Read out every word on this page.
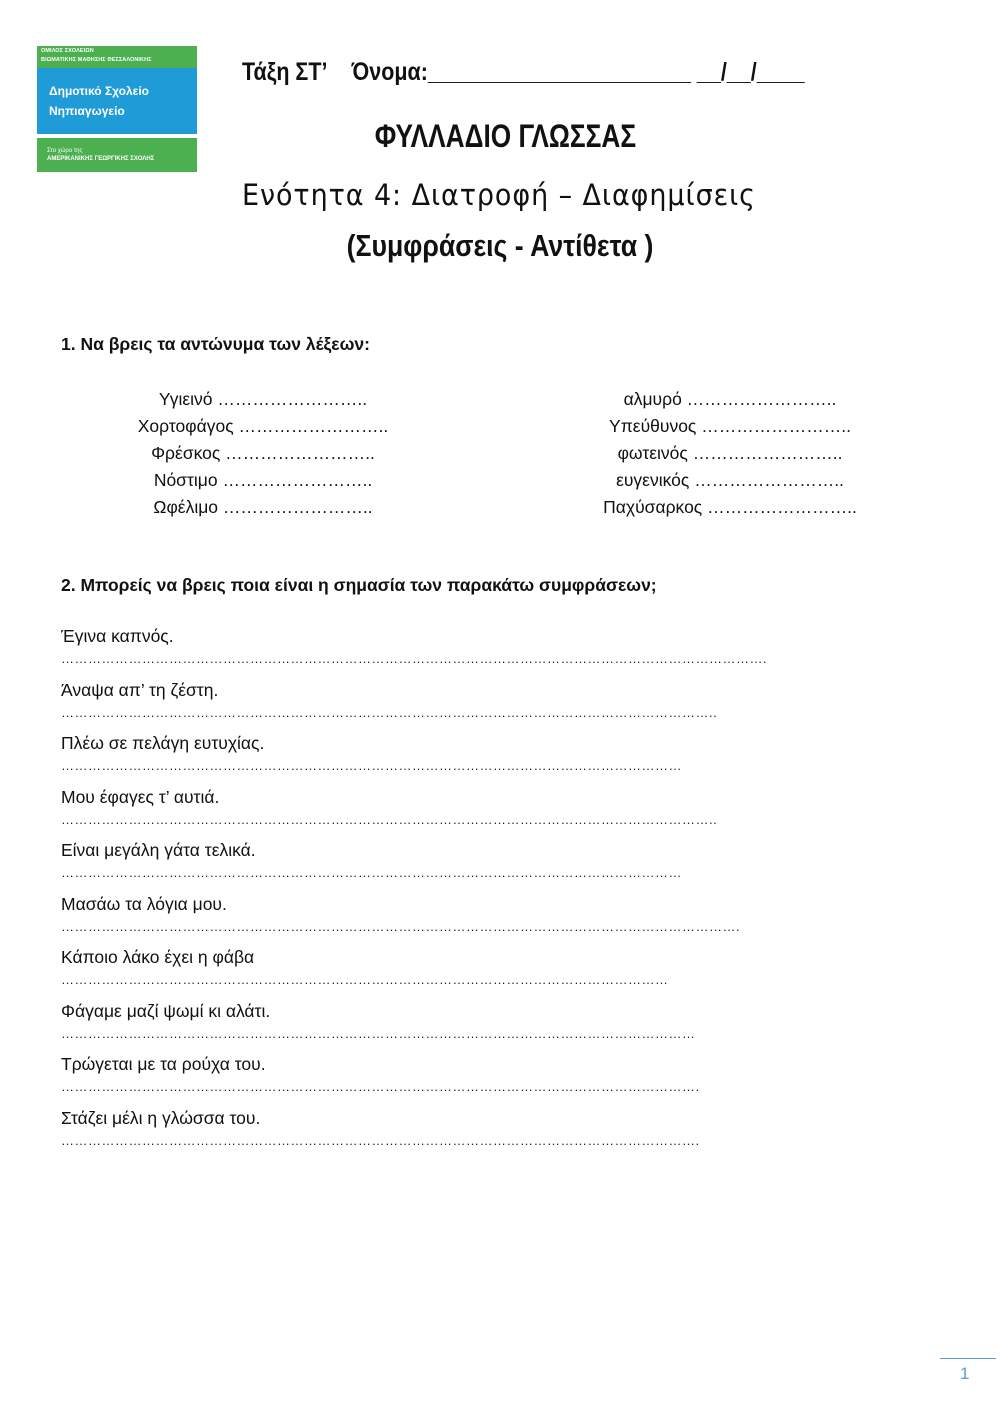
ΟΜΙΛΟΣ ΣΧΟΛΕΙΩΝ
ΒΙΩΜΑΤΙΚΗΣ ΜΑΘΗΣΗΣ ΘΕΣΣΑΛΟΝΙΚΗΣ
Δημοτικό Σχολείο
Νηπιαγωγείο
Στο χώρο της
ΑΜΕΡΙΚΑΝΙΚΗΣ ΓΕΩΡΓΙΚΗΣ ΣΧΟΛΗΣ
Τάξη ΣΤ’ Όνομα:______________________ __/__/____
ΦΥΛΛΑΔΙΟ ΓΛΩΣΣΑΣ
Ενότητα 4: Διατροφή – Διαφημίσεις
(Συμφράσεις - Αντίθετα )
1. Να βρεις τα αντώνυμα των λέξεων:
Υγιεινό ……………………..
Χορτοφάγος ……………………..
Φρέσκος ……………………..
Νόστιμο ……………………..
Ωφέλιμο ……………………..
αλμυρό ……………………..
Υπεύθυνος ……………………..
φωτεινός ……………………..
ευγενικός ……………………..
Παχύσαρκος ……………………..
2. Μπορείς να βρεις ποια είναι η σημασία των παρακάτω συμφράσεων;
Έγινα καπνός.
………………………………………………………………………………………………………………………………………….
Άναψα απ’ τη ζέστη.
………………………………………………………………………………………………………………………………..
Πλέω σε πελάγη ευτυχίας.
…………………………………………………………………………………………………………………………
Μου έφαγες τ’ αυτιά.
………………………………………………………………………………………………………………………………..
Είναι μεγάλη γάτα τελικά.
…………………………………………………………………………………………………………………………
Μασάω τα λόγια μου.
…………………………………………………………………………………………………………………………………….
Κάποιο λάκο έχει η φάβα
………………………………………………………………………………………………………………………
Φάγαμε μαζί ψωμί κι αλάτι.
……………………………………………………………………………………………………………………………
Τρώγεται με τα ρούχα του.
…………………………………………………………………………………………………………………………….
Στάζει μέλι η γλώσσα του.
…………………………………………………………………………………………………………………………….
1
